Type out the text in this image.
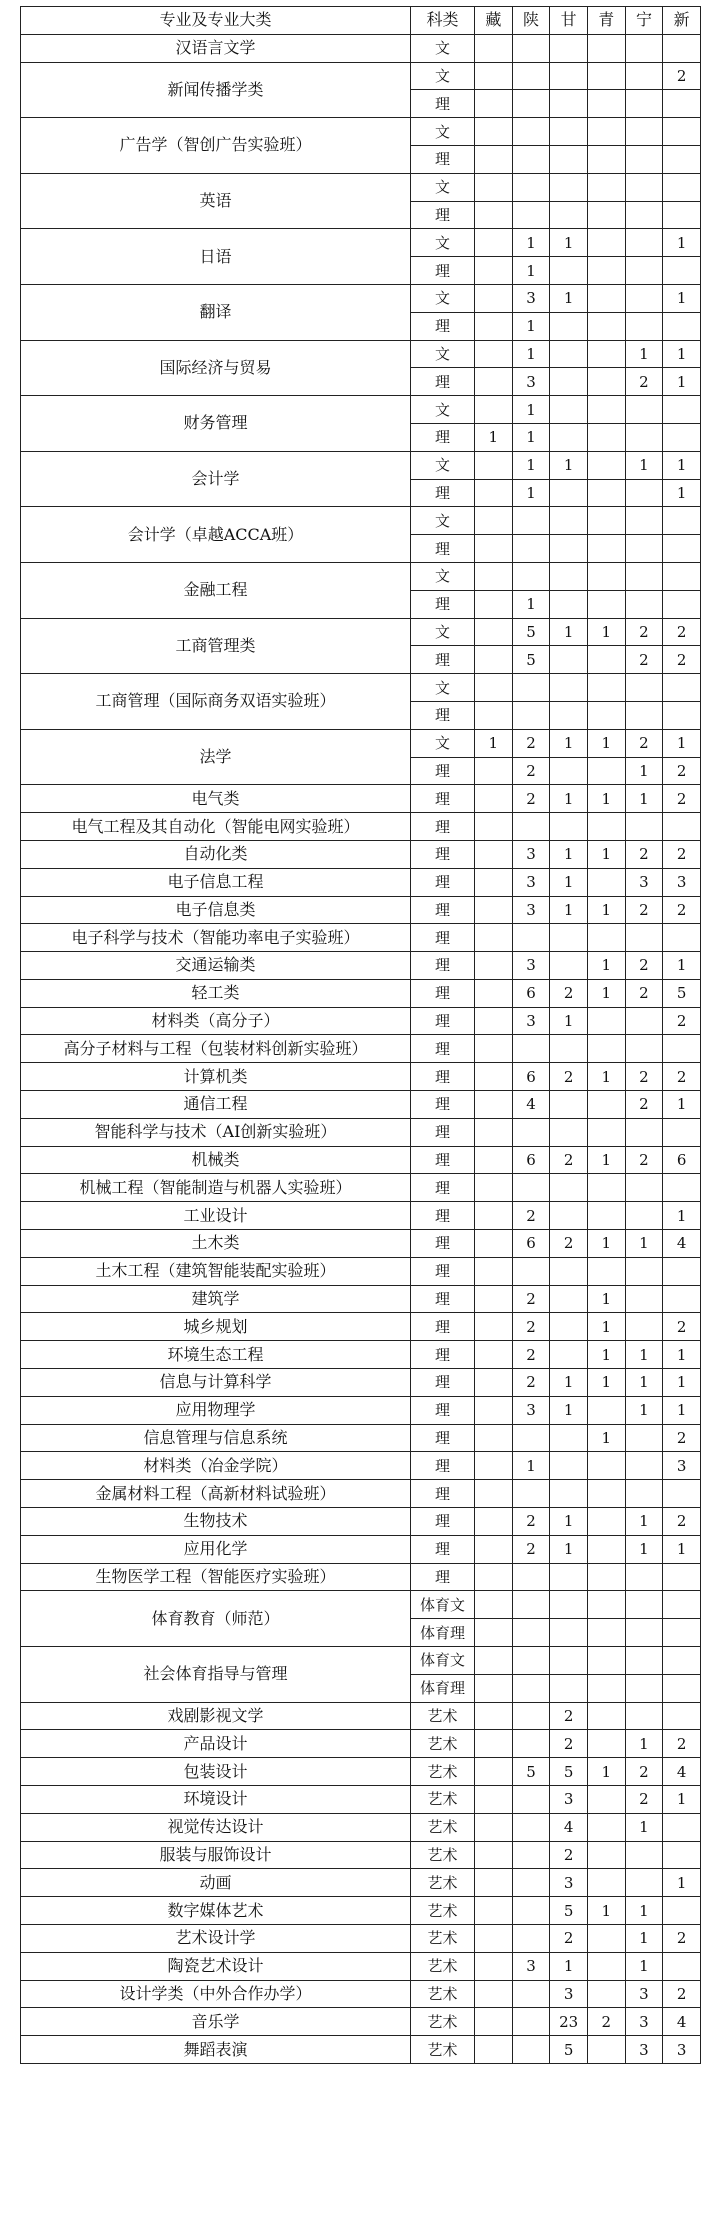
专业及专业大类	科类	藏	陕	甘	青	宁	新
汉语言文学	文						
新闻传播学类	文						2
	理						
广告学（智创广告实验班）	文						
	理						
英语	文						
	理						
日语	文		1	1			1
	理		1				
翻译	文		3	1			1
	理		1				
国际经济与贸易	文		1			1	1
	理		3			2	1
财务管理	文		1				
	理	1	1				
会计学	文		1	1		1	1
	理		1				1
会计学（卓越ACCA班）	文						
	理						
金融工程	文						
	理		1				
工商管理类	文		5	1	1	2	2
	理		5			2	2
工商管理（国际商务双语实验班）	文						
	理						
法学	文	1	2	1	1	2	1
	理		2			1	2
电气类	理		2	1	1	1	2
电气工程及其自动化（智能电网实验班）	理						
自动化类	理		3	1	1	2	2
电子信息工程	理		3	1		3	3
电子信息类	理		3	1	1	2	2
电子科学与技术（智能功率电子实验班）	理						
交通运输类	理		3		1	2	1
轻工类	理		6	2	1	2	5
材料类（高分子）	理		3	1			2
高分子材料与工程（包装材料创新实验班）	理						
计算机类	理		6	2	1	2	2
通信工程	理		4			2	1
智能科学与技术（AI创新实验班）	理						
机械类	理		6	2	1	2	6
机械工程（智能制造与机器人实验班）	理						
工业设计	理		2				1
土木类	理		6	2	1	1	4
土木工程（建筑智能装配实验班）	理						
建筑学	理		2		1		
城乡规划	理		2		1		2
环境生态工程	理		2		1	1	1
信息与计算科学	理		2	1	1	1	1
应用物理学	理		3	1		1	1
信息管理与信息系统	理				1		2
材料类（冶金学院）	理		1				3
金属材料工程（高新材料试验班）	理						
生物技术	理		2	1		1	2
应用化学	理		2	1		1	1
生物医学工程（智能医疗实验班）	理						
体育教育（师范）	体育文						
	体育理						
社会体育指导与管理	体育文						
	体育理						
戏剧影视文学	艺术			2			
产品设计	艺术			2		1	2
包装设计	艺术		5	5	1	2	4
环境设计	艺术			3		2	1
视觉传达设计	艺术			4		1	
服装与服饰设计	艺术			2			
动画	艺术			3			1
数字媒体艺术	艺术			5	1	1	
艺术设计学	艺术			2		1	2
陶瓷艺术设计	艺术		3	1		1	
设计学类（中外合作办学）	艺术			3		3	2
音乐学	艺术			23	2	3	4
舞蹈表演	艺术			5		3	3
